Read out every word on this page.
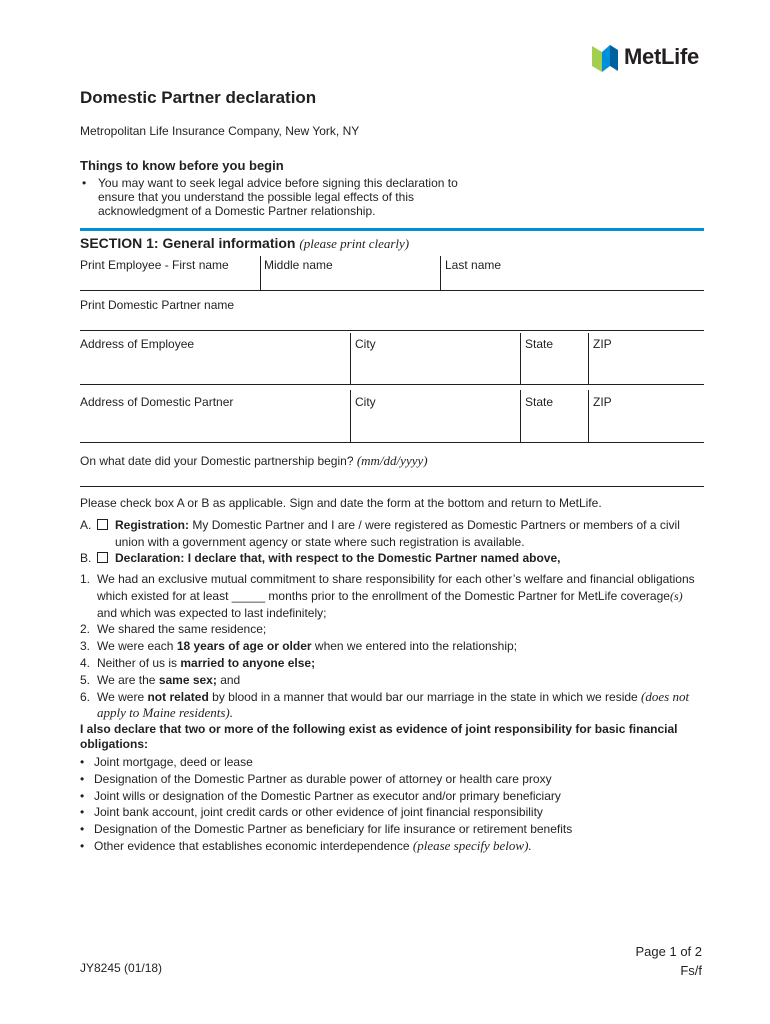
MetLife
Domestic Partner declaration
Metropolitan Life Insurance Company, New York, NY
Things to know before you begin
• You may want to seek legal advice before signing this declaration to ensure that you understand the possible legal effects of this acknowledgment of a Domestic Partner relationship.
SECTION 1: General information (please print clearly)
Print Employee - First name	Middle name	Last name
Print Domestic Partner name
Address of Employee	City	State	ZIP
Address of Domestic Partner	City	State	ZIP
On what date did your Domestic partnership begin? (mm/dd/yyyy)
Please check box A or B as applicable. Sign and date the form at the bottom and return to MetLife.
A.	Registration: My Domestic Partner and I are / were registered as Domestic Partners or members of a civil union with a government agency or state where such registration is available.
B.	Declaration: I declare that, with respect to the Domestic Partner named above,
1. We had an exclusive mutual commitment to share responsibility for each other’s welfare and financial obligations which existed for at least _____ months prior to the enrollment of the Domestic Partner for MetLife coverage(s) and which was expected to last indefinitely;
2. We shared the same residence;
3. We were each 18 years of age or older when we entered into the relationship;
4. Neither of us is married to anyone else;
5. We are the same sex; and
6. We were not related by blood in a manner that would bar our marriage in the state in which we reside (does not apply to Maine residents).
I also declare that two or more of the following exist as evidence of joint responsibility for basic financial obligations:
• Joint mortgage, deed or lease
• Designation of the Domestic Partner as durable power of attorney or health care proxy
• Joint wills or designation of the Domestic Partner as executor and/or primary beneficiary
• Joint bank account, joint credit cards or other evidence of joint financial responsibility
• Designation of the Domestic Partner as beneficiary for life insurance or retirement benefits
• Other evidence that establishes economic interdependence (please specify below).
JY8245 (01/18)
Page 1 of 2
Fs/f
